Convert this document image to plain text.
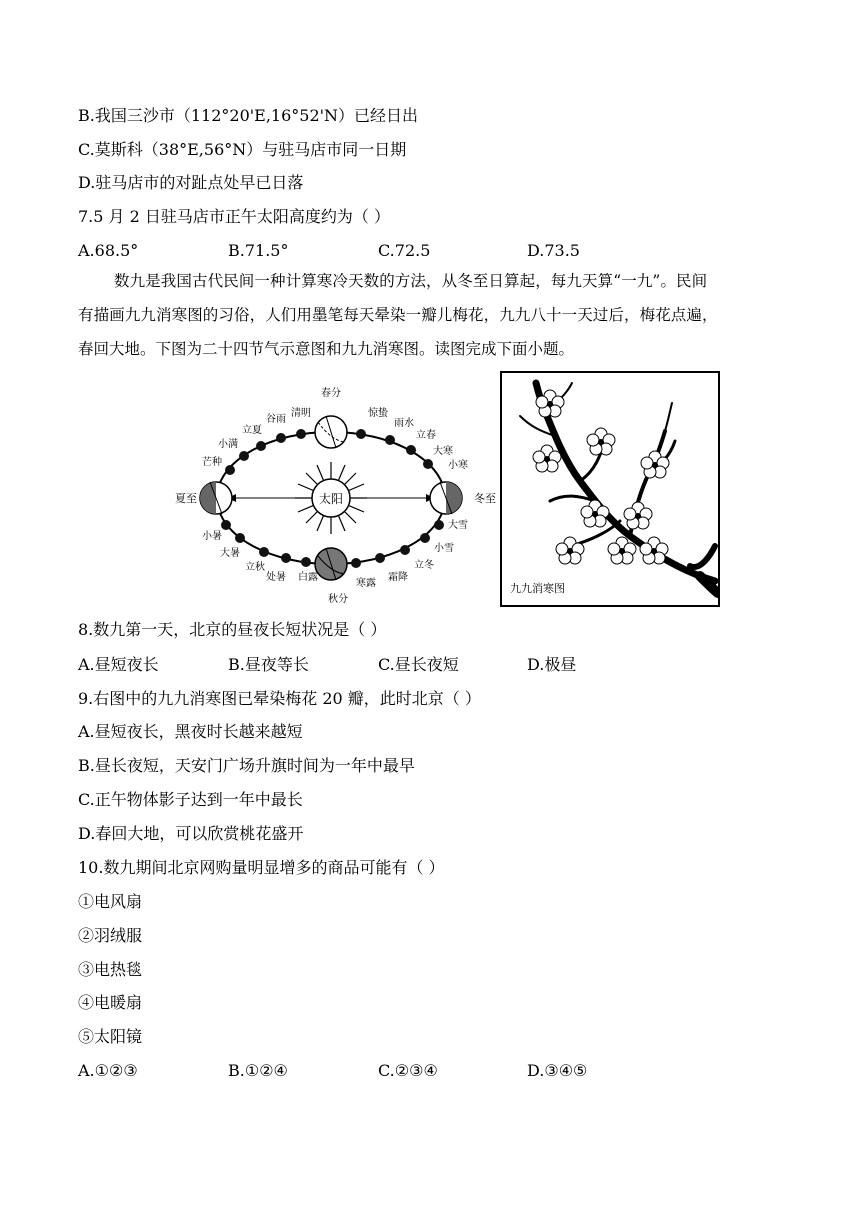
B.我国三沙市（112°20'E,16°52'N）已经日出
C.莫斯科（38°E,56°N）与驻马店市同一日期
D.驻马店市的对趾点处早已日落
7.5 月 2 日驻马店市正午太阳高度约为（ ）
A.68.5°	B.71.5°	C.72.5	D.73.5
数九是我国古代民间一种计算寒冷天数的方法，从冬至日算起，每九天算“一九”。民间
有描画九九消寒图的习俗，人们用墨笔每天晕染一瓣儿梅花，九九八十一天过后，梅花点遍，
春回大地。下图为二十四节气示意图和九九消寒图。读图完成下面小题。
太阳
春分
清明
谷雨
立夏
小满
芒种
夏至
小暑
大暑
立秋
处暑 白露
秋分
寒露
霜降
立冬
小雪
大雪
冬至
小寒
大寒
立春
雨水
惊蛰
九九消寒图
8.数九第一天，北京的昼夜长短状况是（ ）
A.昼短夜长	B.昼夜等长	C.昼长夜短	D.极昼
9.右图中的九九消寒图已晕染梅花 20 瓣，此时北京（ ）
A.昼短夜长，黑夜时长越来越短
B.昼长夜短，天安门广场升旗时间为一年中最早
C.正午物体影子达到一年中最长
D.春回大地，可以欣赏桃花盛开
10.数九期间北京网购量明显增多的商品可能有（ ）
①电风扇
②羽绒服
③电热毯
④电暖扇
⑤太阳镜
A.①②③	B.①②④	C.②③④	D.③④⑤
